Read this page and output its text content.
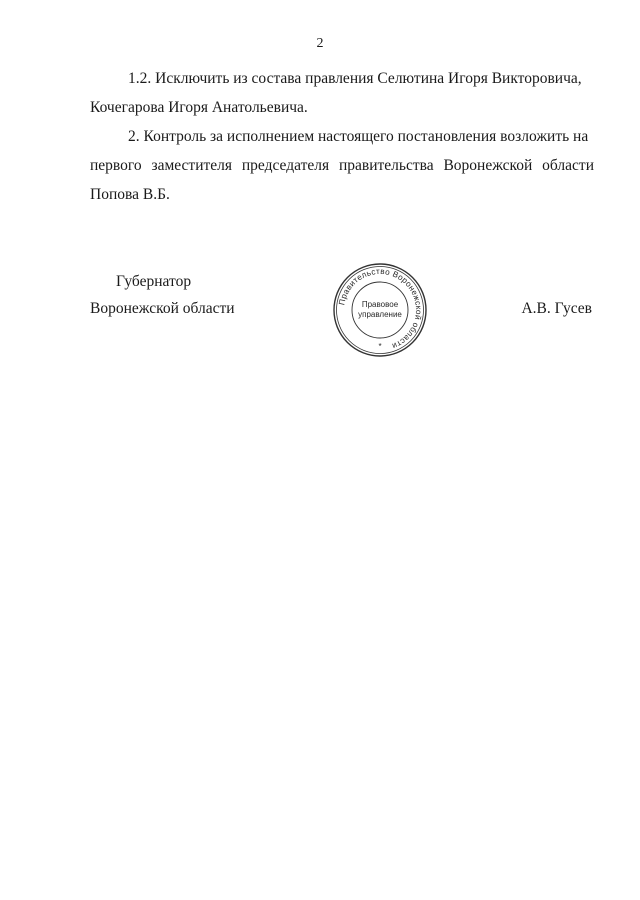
2

1.2. Исключить из состава правления Селютина Игоря Викторовича,
Кочегарова Игоря Анатольевича.

2. Контроль за исполнением настоящего постановления возложить на
первого заместителя председателя правительства Воронежской области
Попова В.Б.

Губернатор
Воронежской области	Правительство Воронежской области
Правовое
управление
*
А.В. Гусев
